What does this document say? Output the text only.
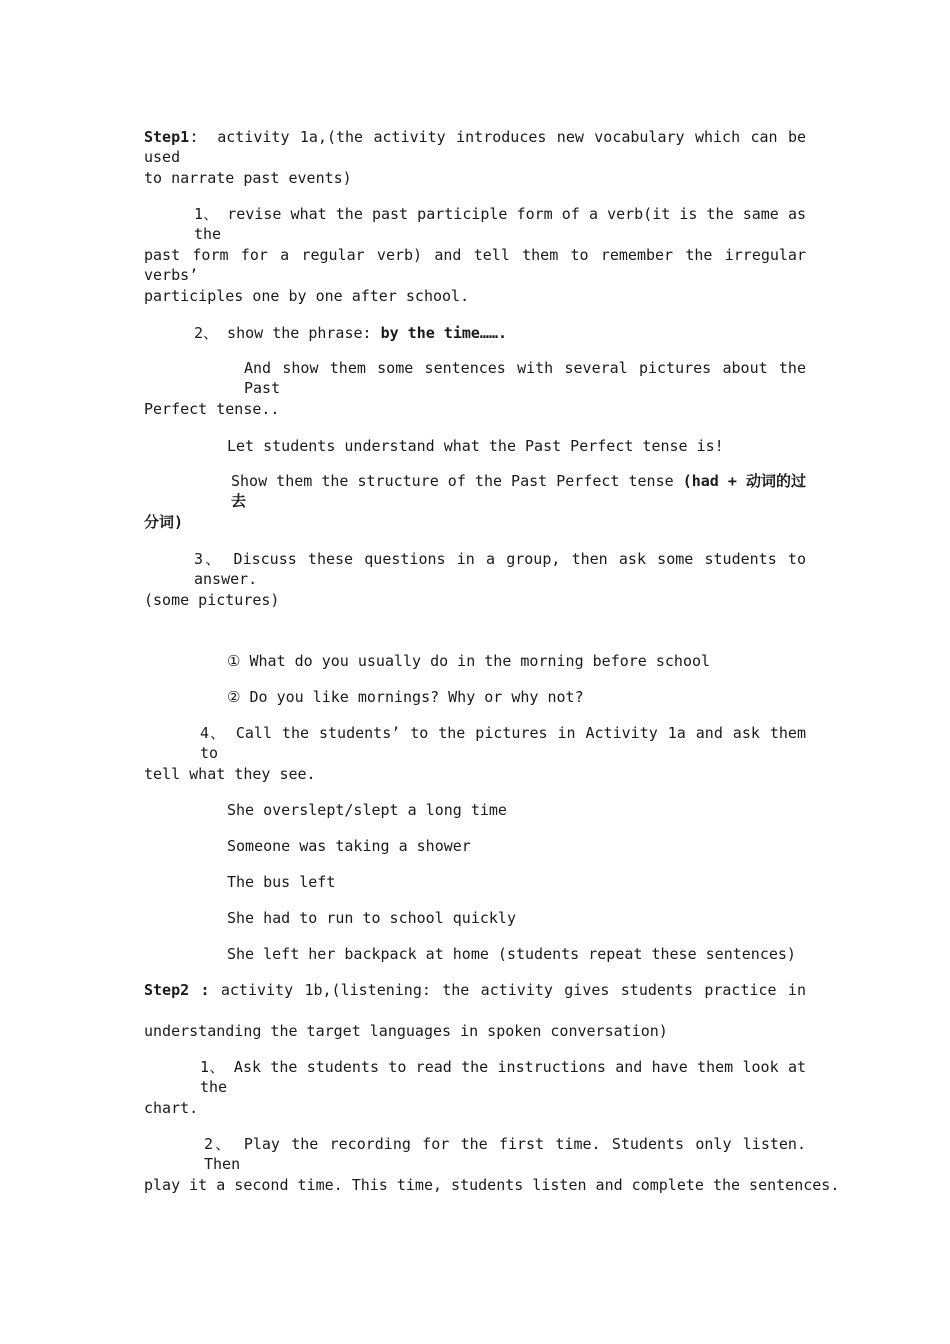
Step1： activity 1a,(the activity introduces new vocabulary which can be used
to narrate past events)
1、 revise what the past participle form of a verb(it is the same as the
past form for a regular verb) and tell them to remember the irregular verbs’
participles one by one after school.
2、 show the phrase: by the time…….
And show them some sentences with several pictures about the Past
Perfect tense..
Let students understand what the Past Perfect tense is!
Show them the structure of the Past Perfect tense (had + 动词的过去
分词)
3、 Discuss these questions in a group, then ask some students to answer.
(some pictures)
① What do you usually do in the morning before school
② Do you like mornings? Why or why not?
4、 Call the students’ to the pictures in Activity 1a and ask them to
tell what they see.
She overslept/slept a long time
Someone was taking a shower
The bus left
She had to run to school quickly
She left her backpack at home (students repeat these sentences)
Step2 : activity 1b,(listening: the activity gives students practice in
understanding the target languages in spoken conversation)
1、 Ask the students to read the instructions and have them look at the
chart.
2、 Play the recording for the first time. Students only listen. Then
play it a second time. This time, students listen and complete the sentences.
